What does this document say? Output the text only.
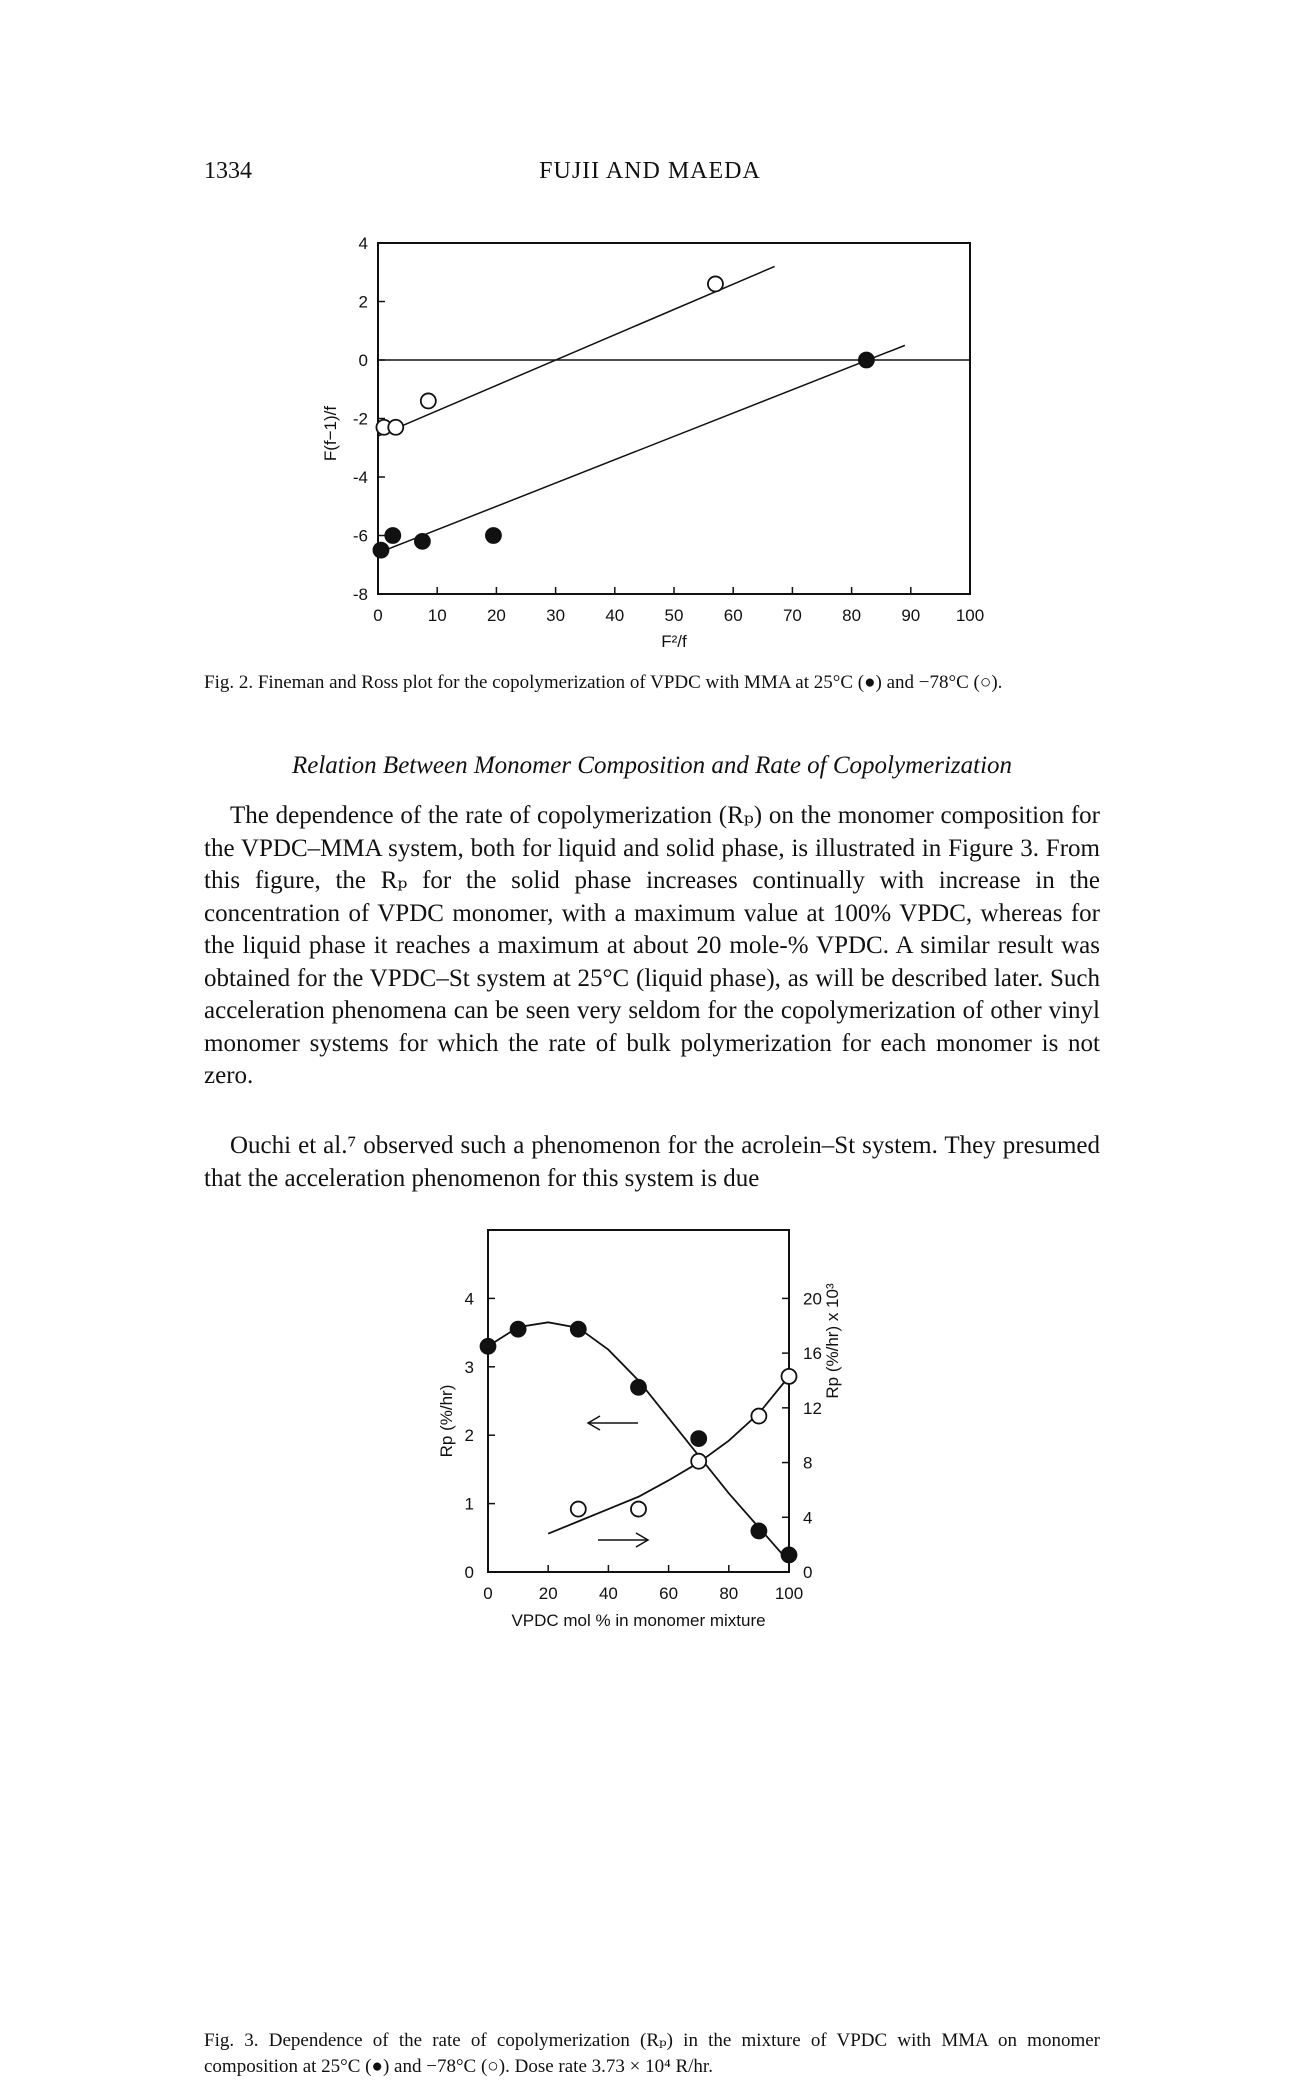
1334	FUJII AND MAEDA
0	10 20 30 40 50 60 70 80 90 100
4
2
0
-2
-4
-6
-8
F²/f
F(f−1)/f
Fig. 2. Fineman and Ross plot for the copolymerization of VPDC with MMA at 25°C (●) and −78°C (○).
Relation Between Monomer Composition and Rate of Copolymerization

The dependence of the rate of copolymerization (Rₚ) on the monomer composition for the VPDC–MMA system, both for liquid and solid phase, is illustrated in Figure 3. From this figure, the Rₚ for the solid phase increases continually with increase in the concentration of VPDC monomer, with a maximum value at 100% VPDC, whereas for the liquid phase it reaches a maximum at about 20 mole-% VPDC. A similar result was obtained for the VPDC–St system at 25°C (liquid phase), as will be described later. Such acceleration phenomena can be seen very seldom for the copolymerization of other vinyl monomer systems for which the rate of bulk polymerization for each monomer is not zero.

Ouchi et al.⁷ observed such a phenomenon for the acrolein–St system. They presumed that the acceleration phenomenon for this system is due

0	20 40 60 80 100
0
1
2
3
4
0
4
8
12
16
20
VPDC mol % in monomer mixture
Rp (%/hr)
Rp (%/hr) x 10³
Fig. 3. Dependence of the rate of copolymerization (Rₚ) in the mixture of VPDC with MMA on monomer composition at 25°C (●) and −78°C (○). Dose rate 3.73 × 10⁴ R/hr.
